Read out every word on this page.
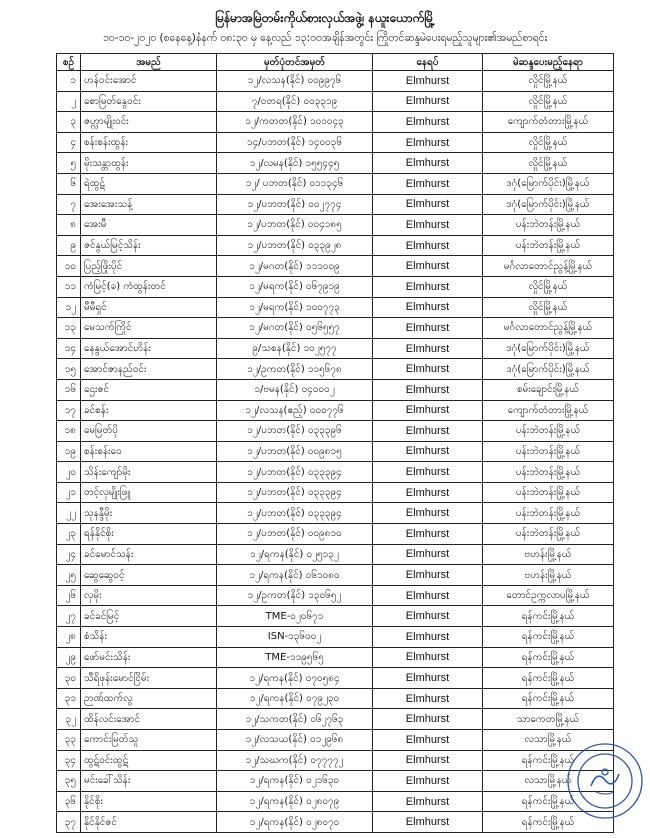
မြန်မာအမြဲတမ်းကိုယ်စားလှယ်အဖွဲ့၊ နယူးယောက်မြို့
၁၀-၁၀-၂၀၂၀ (စနေနေ့)နံနက် ၀၈:၃၀ မှ နေ့လည် ၁၃:၀၀အချိန်အတွင်း ကြိုတင်ဆန္ဒမဲပေးရမည့်သူများ၏အမည်စာရင်း
စဉ်	အမည်	မှတ်ပုံတင်အမှတ်	နေရပ်	မဲဆန္ဒပေးမည့်နေရာ
၁	ဟန်ဝင်းအောင်	၁၂/လသန(နိုင်) ၀၀၉၉၇၆	Elmhurst	လှိုင်မြို့နယ်
၂	စောမြတ်နွေဝင်း	၇/ဝတရ(နိုင်) ၀၀၃၃၁၉	Elmhurst	လှိုင်မြို့နယ်
၃	ဇဟ္လာမျိုးဝင်း	၁၂/ကတတ(နိုင်) ၁၀၁၀၄၃	Elmhurst	ကျောက်တံတားမြို့နယ်
၄	စန်းစန်းထွန်း	၁၄/ပဘတ(နိုင်) ၁၄၀၀၃၆	Elmhurst	လှိုင်မြို့နယ်
၅	မိုးသန္တာထွန်း	၁၂/လမန(နိုင်) ၁၅၅၄၄၅	Elmhurst	လှိုင်မြို့နယ်
၆	ရဲထွဋ်	၁၂/ ပဘတ(နိုင်) ၀၁၁၃၄၆	Elmhurst	ဒဂုံ(မြောက်ပိုင်း)မြို့နယ်
၇	အေးအေးသန့်	၁၂/ပဘတ(နိုင်) ၀၀၂၇၇၄	Elmhurst	ဒဂုံ(မြောက်ပိုင်း)မြို့နယ်
၈	အေးမီ	၁၂/ပဘတ(နိုင်) ၀၀၄၁၈၅	Elmhurst	ပန်းဘဲတန်းမြို့နယ်
၉	ဇင်နွယ်မြင့်သိန်း	၁၂/ပဘတ(နိုင်) ၀၃၃၉၂၈	Elmhurst	ပန်းဘဲတန်းမြို့နယ်
၁၀	ပြည့်ဖြိုးပိုင်	၁၂/မဂတ(နိုင်) ၁၁၁၀၀၉	Elmhurst	မင်္ဂလာတောင်ညွန့်မြို့နယ်
၁၁	ကံမြင့်(ခ) ကံထွန်းတင်	၁၂/မရက(နိုင်) ၀၆၇၉၁၉	Elmhurst	လှိုင်မြို့နယ်
၁၂	မီမီရှင်	၁၂/မရက(နိုင်) ၁၀၀၇၇၃	Elmhurst	လှိုင်မြို့နယ်
၁၃	မေသက်ကြိုင်	၁၂/မဂတ(နိုင်) ၀၅၆၅၅၇	Elmhurst	မင်္ဂလာတောင်ညွန့်မြို့နယ်
၁၄	နေနွယ်အောင်ဟိန်း	၉/သစန(နိုင်) ၁၀၂၅၇၇	Elmhurst	ဒဂုံ(မြောက်ပိုင်း)မြို့နယ်
၁၅	အောင်ဇာနည်ဝင်း	၁၂/ဥကတ(နိုင်) ၁၁၅၆၇၈	Elmhurst	ဒဂုံ(မြောက်ပိုင်း)မြို့နယ်
၁၆	ဌေးဇင်	၁/ဗမန(နိုင်) ၀၄၀၀၀၂	Elmhurst	စမ်းချောင်းမြို့နယ်
၁၇	ခင်စန်း	၁၂/လသန(ဧည့်) ၀၀၀၇၇၆	Elmhurst	ကျောက်တံတားမြို့နယ်
၁၈	မေမြတ်ပို	၁၂/ပဘတ(နိုင်) ၀၃၃၃၉၆	Elmhurst	ပန်းဘဲတန်းမြို့နယ်
၁၉	စန်းစန်းဝေ	၁၂/ပဘတ(နိုင်) ၀၀၉၈၁၅	Elmhurst	ပန်းဘဲတန်းမြို့နယ်
၂၀	သိန်းကျော်မိုး	၁၂/ပဘတ(နိုင်) ၀၃၃၃၉၄	Elmhurst	ပန်းဘဲတန်းမြို့နယ်
၂၁	တင့်လှမျိုးဖြူ	၁၂/ပဘတ(နိုင်) ၀၃၃၃၉၄	Elmhurst	ပန်းဘဲတန်းမြို့နယ်
၂၂	သုနန္ဒီမိုး	၁၂/ပဘတ(နိုင်) ၀၃၃၃၉၄	Elmhurst	ပန်းဘဲတန်းမြို့နယ်
၂၃	ရန်နိုင်စိုး	၁၂/ပဘတ(နိုင်) ၀၀၉၈၁၀	Elmhurst	ပန်းဘဲတန်းမြို့နယ်
၂၄	ခင်မောင်သန်း	၁၂/ရကန(နိုင်) ၀၂၅၁၃၂	Elmhurst	ဗဟန်းမြို့နယ်
၂၅	ဆွေဆွေဝင့်	၁၂/ရကန(နိုင်) ၀၆၁၀၈၀	Elmhurst	ဗဟန်းမြို့နယ်
၂၆	လှမိုး	၁၂/ဥကတ(နိုင်) ၁၃၀၆၅၂	Elmhurst	တောင်ဥက္ကလာပမြို့နယ်
၂၇	ခင်ခင်မြင့်	TME-၀၂၀၆၇၁	Elmhurst	ရန်ကင်းမြို့နယ်
၂၈	စံသိန်း	ISN-၁၃၆၀၀၂	Elmhurst	ရန်ကင်းမြို့နယ်
၂၉	ဖော်မင်းသိန်း	TME-၁၁၉၅၆၅	Elmhurst	ရန်ကင်းမြို့နယ်
၃၀	သီရိဖုန်းမောင်ငြိမ်း	၁၂/ရကန(နိုင်) ၀၇၀၅၈၄	Elmhurst	ရန်ကင်းမြို့နယ်
၃၁	ဉာဏ်ထက်လွ	၁၂/ရကန(နိုင်) ၀၇၉၂၃၀	Elmhurst	ရန်ကင်းမြို့နယ်
၃၂	ထိန်လင်းအောင်	၁၂/သကတ(နိုင်) ၀၆၂၇၆၃	Elmhurst	သာကေတမြို့နယ်
၃၃	ကောင်းမြတ်သူ	၁၂/လသယ(နိုင်) ၀၁၂၉၆၈	Elmhurst	လသာမြို့နယ်
၃၄	ထွဋ်ဝင်းထွဋ်	၁၂/သဃက(နိုင်) ၀၇၇၇၇၂	Elmhurst	ရန်ကင်းမြို့နယ်
၃၅	မင်းခေါ်သိန်း	၁၂/ရကန(နိုင်) ၀၂၁၆၃၀	Elmhurst	လသာမြို့နယ်
၃၆	နိုင်စိုး	၁၂/ရကန(နိုင်) ၀၂၈၀၇၉	Elmhurst	ရန်ကင်းမြို့နယ်
၃၇	နိုင်နိုင်ဇင်	၁၂/ရကန(နိုင်) ၀၂၈၀၇၀	Elmhurst	ရန်ကင်းမြို့နယ်
